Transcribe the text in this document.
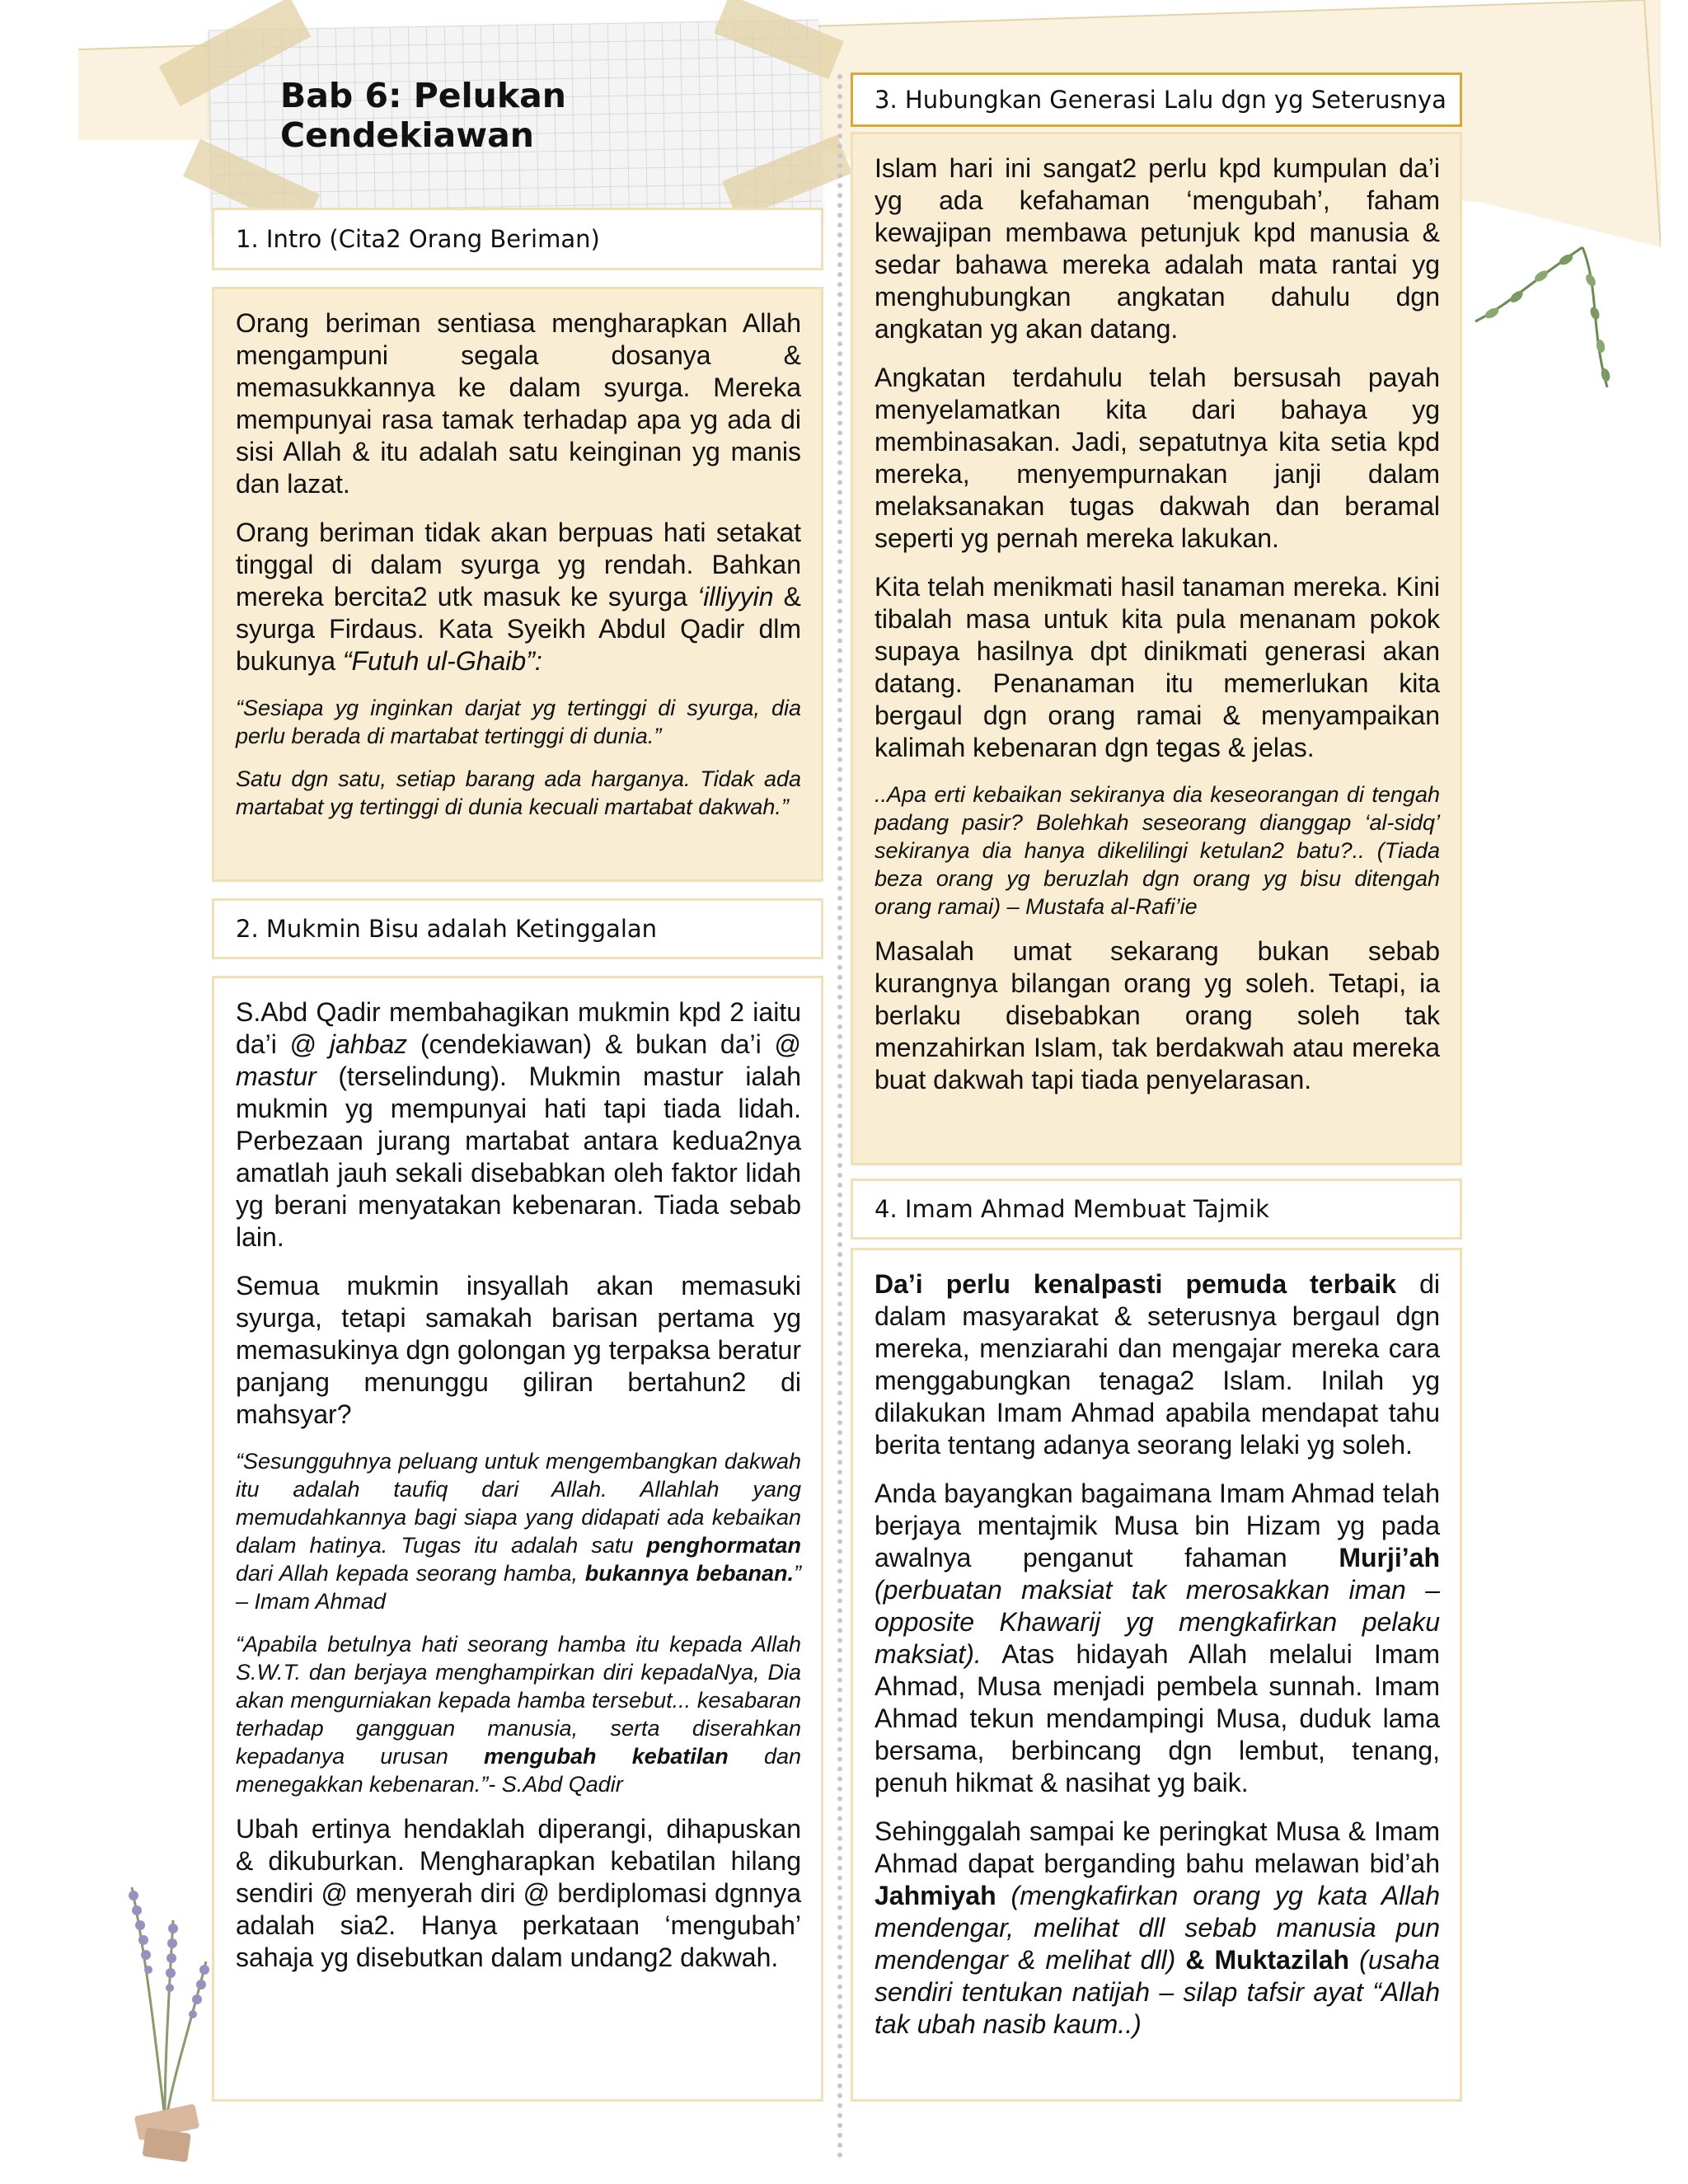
Bab 6: Pelukan Cendekiawan
1. Intro (Cita2 Orang Beriman)

Orang beriman sentiasa mengharapkan Allah mengampuni segala dosanya & memasukkannya ke dalam syurga. Mereka mempunyai rasa tamak terhadap apa yg ada di sisi Allah & itu adalah satu keinginan yg manis dan lazat.

Orang beriman tidak akan berpuas hati setakat tinggal di dalam syurga yg rendah. Bahkan mereka bercita2 utk masuk ke syurga ‘illiyyin & syurga Firdaus. Kata Syeikh Abdul Qadir dlm bukunya “Futuh ul-Ghaib”:

“Sesiapa yg inginkan darjat yg tertinggi di syurga, dia perlu berada di martabat tertinggi di dunia.”

Satu dgn satu, setiap barang ada harganya. Tidak ada martabat yg tertinggi di dunia kecuali martabat dakwah.”

2. Mukmin Bisu adalah Ketinggalan

S.Abd Qadir membahagikan mukmin kpd 2 iaitu da’i @ jahbaz (cendekiawan) & bukan da’i @ mastur (terselindung). Mukmin mastur ialah mukmin yg mempunyai hati tapi tiada lidah. Perbezaan jurang martabat antara kedua2nya amatlah jauh sekali disebabkan oleh faktor lidah yg berani menyatakan kebenaran. Tiada sebab lain.

Semua mukmin insyallah akan memasuki syurga, tetapi samakah barisan pertama yg memasukinya dgn golongan yg terpaksa beratur panjang menunggu giliran bertahun2 di mahsyar?

“Sesungguhnya peluang untuk mengembangkan dakwah itu adalah taufiq dari Allah. Allahlah yang memudahkannya bagi siapa yang didapati ada kebaikan dalam hatinya. Tugas itu adalah satu penghormatan dari Allah kepada seorang hamba, bukannya bebanan.” – Imam Ahmad

“Apabila betulnya hati seorang hamba itu kepada Allah S.W.T. dan berjaya menghampirkan diri kepadaNya, Dia akan mengurniakan kepada hamba tersebut... kesabaran terhadap gangguan manusia, serta diserahkan kepadanya urusan mengubah kebatilan dan menegakkan kebenaran.”- S.Abd Qadir

Ubah ertinya hendaklah diperangi, dihapuskan & dikuburkan. Mengharapkan kebatilan hilang sendiri @ menyerah diri @ berdiplomasi dgnnya adalah sia2. Hanya perkataan ‘mengubah’ sahaja yg disebutkan dalam undang2 dakwah.

3. Hubungkan Generasi Lalu dgn yg Seterusnya

Islam hari ini sangat2 perlu kpd kumpulan da’i yg ada kefahaman ‘mengubah’, faham kewajipan membawa petunjuk kpd manusia & sedar bahawa mereka adalah mata rantai yg menghubungkan angkatan dahulu dgn angkatan yg akan datang.

Angkatan terdahulu telah bersusah payah menyelamatkan kita dari bahaya yg membinasakan. Jadi, sepatutnya kita setia kpd mereka, menyempurnakan janji dalam melaksanakan tugas dakwah dan beramal seperti yg pernah mereka lakukan.

Kita telah menikmati hasil tanaman mereka. Kini tibalah masa untuk kita pula menanam pokok supaya hasilnya dpt dinikmati generasi akan datang. Penanaman itu memerlukan kita bergaul dgn orang ramai & menyampaikan kalimah kebenaran dgn tegas & jelas.

..Apa erti kebaikan sekiranya dia keseorangan di tengah padang pasir? Bolehkah seseorang dianggap ‘al-sidq’ sekiranya dia hanya dikelilingi ketulan2 batu?.. (Tiada beza orang yg beruzlah dgn orang yg bisu ditengah orang ramai) – Mustafa al-Rafi’ie

Masalah umat sekarang bukan sebab kurangnya bilangan orang yg soleh. Tetapi, ia berlaku disebabkan orang soleh tak menzahirkan Islam, tak berdakwah atau mereka buat dakwah tapi tiada penyelarasan.

4. Imam Ahmad Membuat Tajmik

Da’i perlu kenalpasti pemuda terbaik di dalam masyarakat & seterusnya bergaul dgn mereka, menziarahi dan mengajar mereka cara menggabungkan tenaga2 Islam. Inilah yg dilakukan Imam Ahmad apabila mendapat tahu berita tentang adanya seorang lelaki yg soleh.

Anda bayangkan bagaimana Imam Ahmad telah berjaya mentajmik Musa bin Hizam yg pada awalnya penganut fahaman Murji’ah (perbuatan maksiat tak merosakkan iman – opposite Khawarij yg mengkafirkan pelaku maksiat). Atas hidayah Allah melalui Imam Ahmad, Musa menjadi pembela sunnah. Imam Ahmad tekun mendampingi Musa, duduk lama bersama, berbincang dgn lembut, tenang, penuh hikmat & nasihat yg baik.

Sehinggalah sampai ke peringkat Musa & Imam Ahmad dapat berganding bahu melawan bid’ah Jahmiyah (mengkafirkan orang yg kata Allah mendengar, melihat dll sebab manusia pun mendengar & melihat dll) & Muktazilah (usaha sendiri tentukan natijah – silap tafsir ayat “Allah tak ubah nasib kaum..)
